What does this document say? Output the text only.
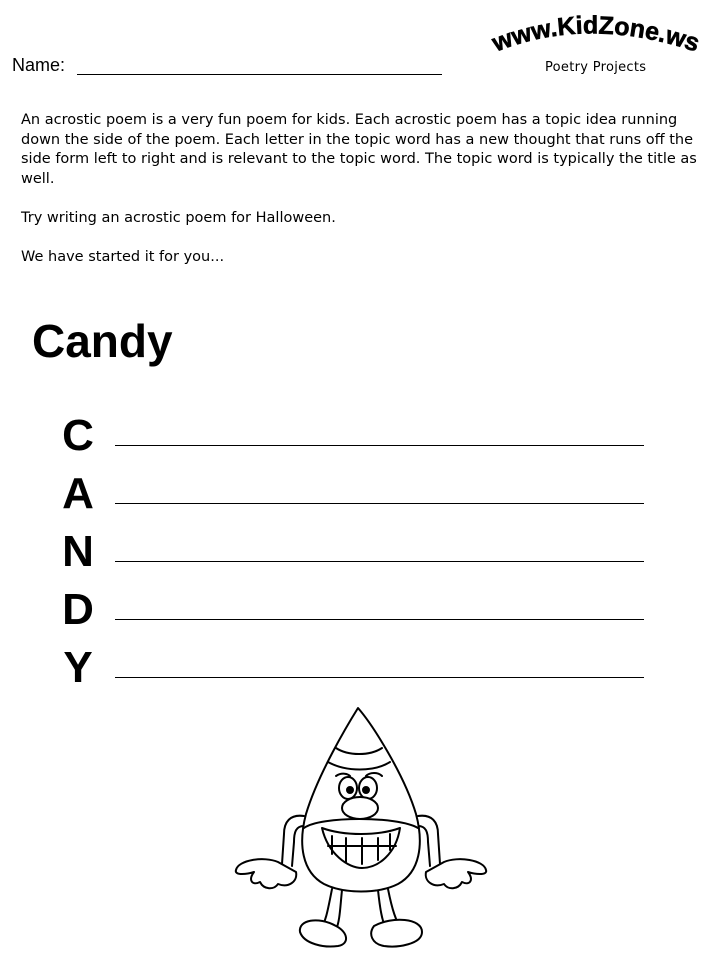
Name:
www.KidZone.ws
Poetry Projects

An acrostic poem is a very fun poem for kids. Each acrostic poem has a topic idea running down the side of the poem. Each letter in the topic word has a new thought that runs off the side form left to right and is relevant to the topic word. The topic word is typically the title as well.

Try writing an acrostic poem for Halloween.

We have started it for you...

Candy
C
A
N
D
Y
